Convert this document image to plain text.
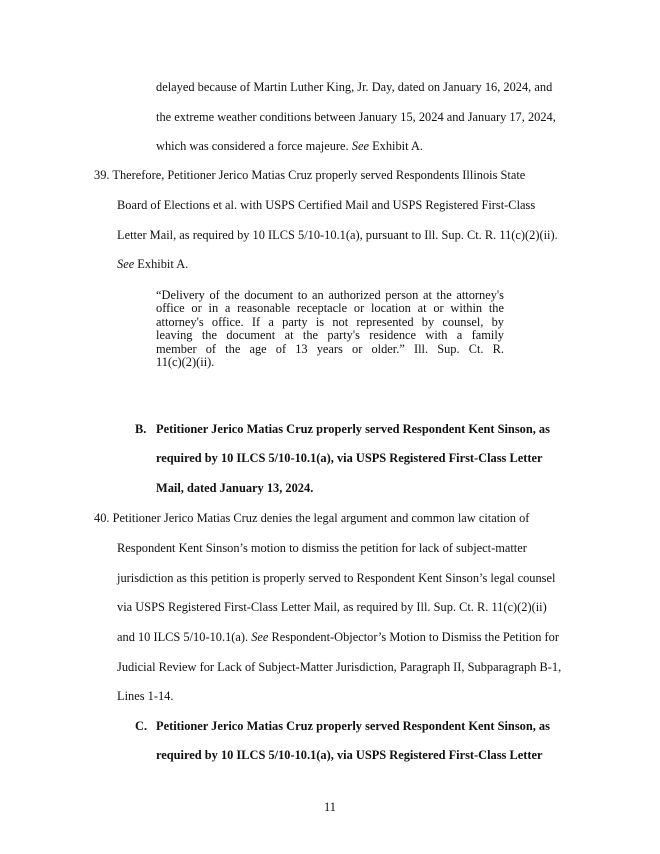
delayed because of Martin Luther King, Jr. Day, dated on January 16, 2024, and
the extreme weather conditions between January 15, 2024 and January 17, 2024,
which was considered a force majeure. See Exhibit A.
39. Therefore, Petitioner Jerico Matias Cruz properly served Respondents Illinois State
Board of Elections et al. with USPS Certified Mail and USPS Registered First-Class
Letter Mail, as required by 10 ILCS 5/10-10.1(a), pursuant to Ill. Sup. Ct. R. 11(c)(2)(ii).
See Exhibit A.
“Delivery of the document to an authorized person at the attorney's
office or in a reasonable receptacle or location at or within the
attorney's office. If a party is not represented by counsel, by
leaving the document at the party's residence with a family
member of the age of 13 years or older.” Ill. Sup. Ct. R.
11(c)(2)(ii).
B. Petitioner Jerico Matias Cruz properly served Respondent Kent Sinson, as
required by 10 ILCS 5/10-10.1(a), via USPS Registered First-Class Letter
Mail, dated January 13, 2024.
40. Petitioner Jerico Matias Cruz denies the legal argument and common law citation of
Respondent Kent Sinson’s motion to dismiss the petition for lack of subject-matter
jurisdiction as this petition is properly served to Respondent Kent Sinson’s legal counsel
via USPS Registered First-Class Letter Mail, as required by Ill. Sup. Ct. R. 11(c)(2)(ii)
and 10 ILCS 5/10-10.1(a). See Respondent-Objector’s Motion to Dismiss the Petition for
Judicial Review for Lack of Subject-Matter Jurisdiction, Paragraph II, Subparagraph B-1,
Lines 1-14.
C. Petitioner Jerico Matias Cruz properly served Respondent Kent Sinson, as
required by 10 ILCS 5/10-10.1(a), via USPS Registered First-Class Letter
11
